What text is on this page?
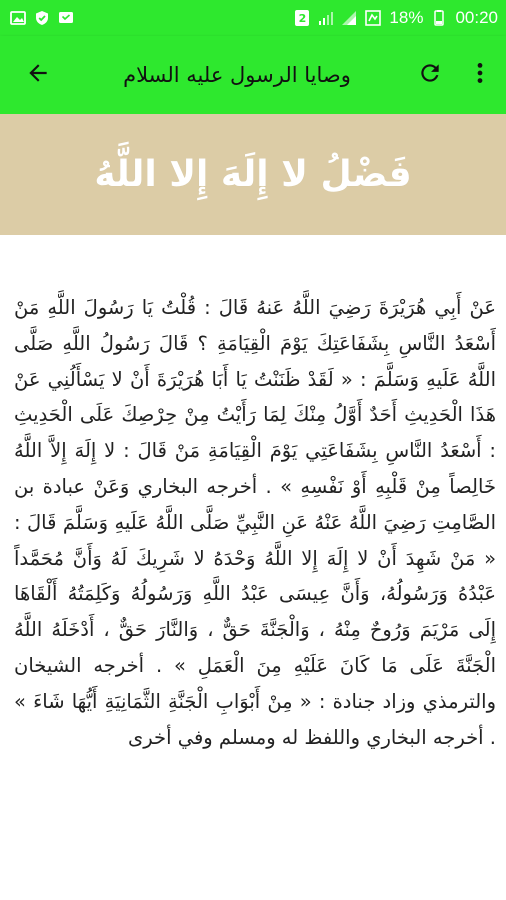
2	18% 00:20
وصايا الرسول عليه السلام
فَضْلُ لا إِلَهَ إِلا اللَّهُ

عَنْ أَبِي هُرَيْرَةَ رَضِيَ اللَّهُ عَنهُ قَالَ : قُلْتُ يَا رَسُولَ اللَّهِ مَنْ أَسْعَدُ النَّاسِ بِشَفَاعَتِكَ يَوْمَ الْقِيَامَةِ ؟ قَالَ رَسُولُ اللَّهِ صَلَّى اللَّهُ عَلَيهِ وَسَلَّمَ : « لَقَدْ ظَنَنْتُ يَا أَبَا هُرَيْرَةَ أَنْ لا يَسْأَلُنِي عَنْ هَذَا الْحَدِيثِ أَحَدٌ أَوَّلُ مِنْكَ لِمَا رَأَيْتُ مِنْ حِرْصِكَ عَلَى الْحَدِيثِ : أَسْعَدُ النَّاسِ بِشَفَاعَتِي يَوْمَ الْقِيَامَةِ مَنْ قَالَ : لا إِلَهَ إِلاَّ اللَّهُ خَالِصاً مِنْ قَلْبِهِ أَوْ نَفْسِهِ » . أخرجه البخاري وَعَنْ عبادة بن الصَّامِتِ رَضِيَ اللَّهُ عَنْهُ عَنِ النَّبِيِّ صَلَّى اللَّهُ عَلَيهِ وَسَلَّمَ قَالَ : « مَنْ شَهِدَ أَنْ لا إِلَهَ إِلا اللَّهُ وَحْدَهُ لا شَرِيكَ لَهُ وَأَنَّ مُحَمَّداً عَبْدُهُ وَرَسُولُهُ، وَأَنَّ عِيسَى عَبْدُ اللَّهِ وَرَسُولُهُ وَكَلِمَتُهُ أَلْقَاهَا إِلَى مَرْيَمَ وَرُوحٌ مِنْهُ ، وَالْجَنَّةَ حَقٌّ ، وَالنَّارَ حَقٌّ ، أَدْخَلَهُ اللَّهُ الْجَنَّةَ عَلَى مَا كَانَ عَلَيْهِ مِنَ الْعَمَلِ » . أخرجه الشيخان والترمذي وزاد جنادة : « مِنْ أَبْوَابِ الْجَنَّةِ الثَّمَانِيَةِ أَيُّهَا شَاءَ » . أخرجه البخاري واللفظ له ومسلم وفي أخرى
